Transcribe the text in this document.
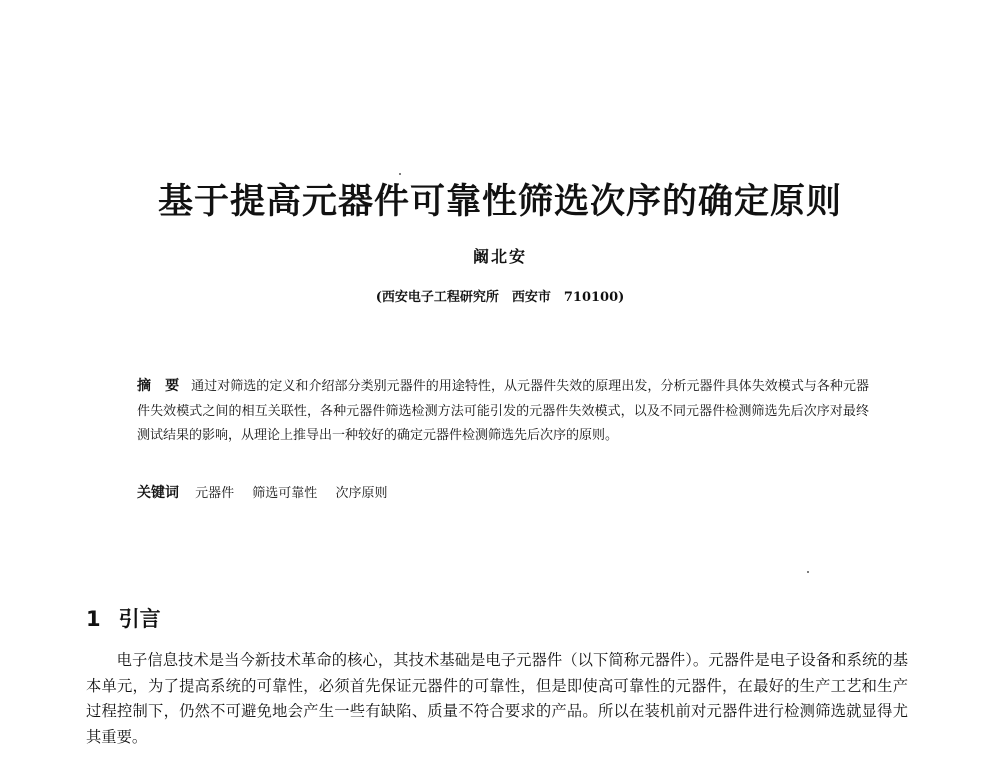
基于提高元器件可靠性筛选次序的确定原则
阚北安
(西安电子工程研究所　西安市　710100)
摘　要 通过对筛选的定义和介绍部分类别元器件的用途特性，从元器件失效的原理出发，分析元器件具体失效模式与各种元器件失效模式之间的相互关联性，各种元器件筛选检测方法可能引发的元器件失效模式，以及不同元器件检测筛选先后次序对最终测试结果的影响，从理论上推导出一种较好的确定元器件检测筛选先后次序的原则。
关键词 元器件 筛选可靠性 次序原则
1 引言
电子信息技术是当今新技术革命的核心，其技术基础是电子元器件（以下简称元器件）。元器件是电子设备和系统的基本单元，为了提高系统的可靠性，必须首先保证元器件的可靠性，但是即使高可靠性的元器件，在最好的生产工艺和生产过程控制下，仍然不可避免地会产生一些有缺陷、质量不符合要求的产品。所以在装机前对元器件进行检测筛选就显得尤其重要。
